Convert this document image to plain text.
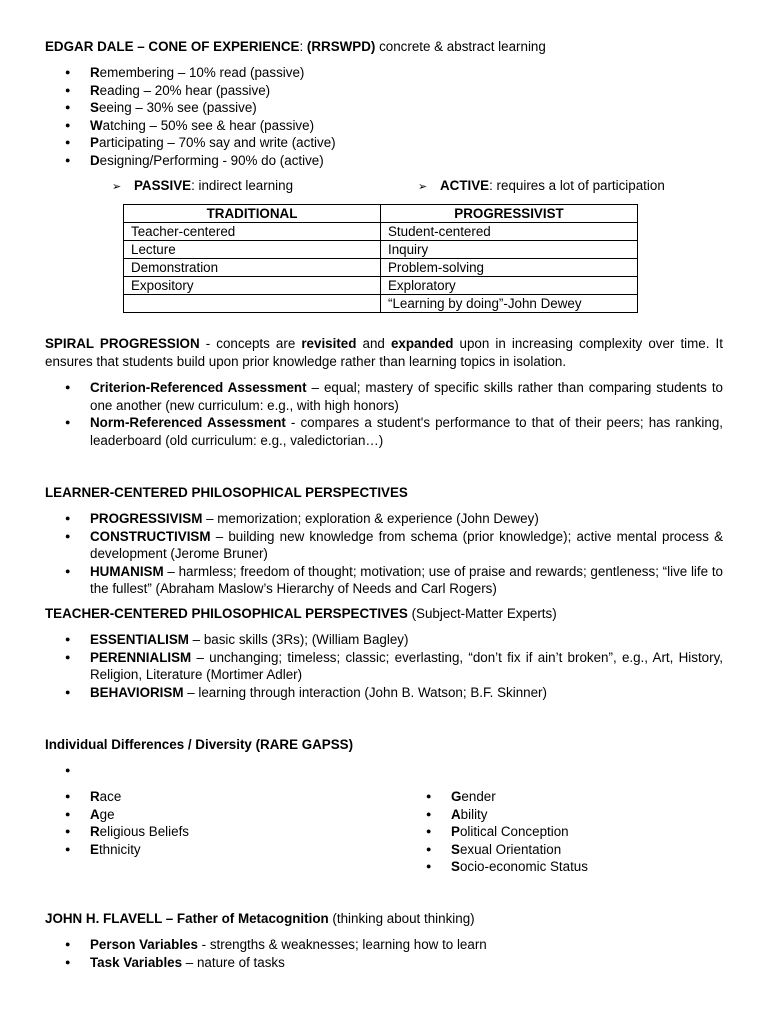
EDGAR DALE – CONE OF EXPERIENCE: (RRSWPD) concrete & abstract learning
● Remembering – 10% read (passive)
● Reading – 20% hear (passive)
● Seeing – 30% see (passive)
● Watching – 50% see & hear (passive)
● Participating – 70% say and write (active)
● Designing/Performing - 90% do (active)
➢ PASSIVE: indirect learning	➢ ACTIVE: requires a lot of participation
TRADITIONAL	PROGRESSIVIST
Teacher-centered	Student-centered
Lecture	Inquiry
Demonstration	Problem-solving
Expository	Exploratory
	“Learning by doing”-John Dewey
SPIRAL PROGRESSION - concepts are revisited and expanded upon in increasing complexity over time. It ensures that students build upon prior knowledge rather than learning topics in isolation.
● Criterion-Referenced Assessment – equal; mastery of specific skills rather than comparing students to one another (new curriculum: e.g., with high honors)
● Norm-Referenced Assessment - compares a student's performance to that of their peers; has ranking, leaderboard (old curriculum: e.g., valedictorian…)
LEARNER-CENTERED PHILOSOPHICAL PERSPECTIVES
● PROGRESSIVISM – memorization; exploration & experience (John Dewey)
● CONSTRUCTIVISM – building new knowledge from schema (prior knowledge); active mental process & development (Jerome Bruner)
● HUMANISM – harmless; freedom of thought; motivation; use of praise and rewards; gentleness; “live life to the fullest” (Abraham Maslow’s Hierarchy of Needs and Carl Rogers)
TEACHER-CENTERED PHILOSOPHICAL PERSPECTIVES (Subject-Matter Experts)
● ESSENTIALISM – basic skills (3Rs); (William Bagley)
● PERENNIALISM – unchanging; timeless; classic; everlasting, “don’t fix if ain’t broken”, e.g., Art, History, Religion, Literature (Mortimer Adler)
● BEHAVIORISM – learning through interaction (John B. Watson; B.F. Skinner)
Individual Differences / Diversity (RARE GAPSS)
●
● Race
● Age
● Religious Beliefs
● Ethnicity
● Gender
● Ability
● Political Conception
● Sexual Orientation
● Socio-economic Status
JOHN H. FLAVELL – Father of Metacognition (thinking about thinking)
● Person Variables - strengths & weaknesses; learning how to learn
● Task Variables – nature of tasks
